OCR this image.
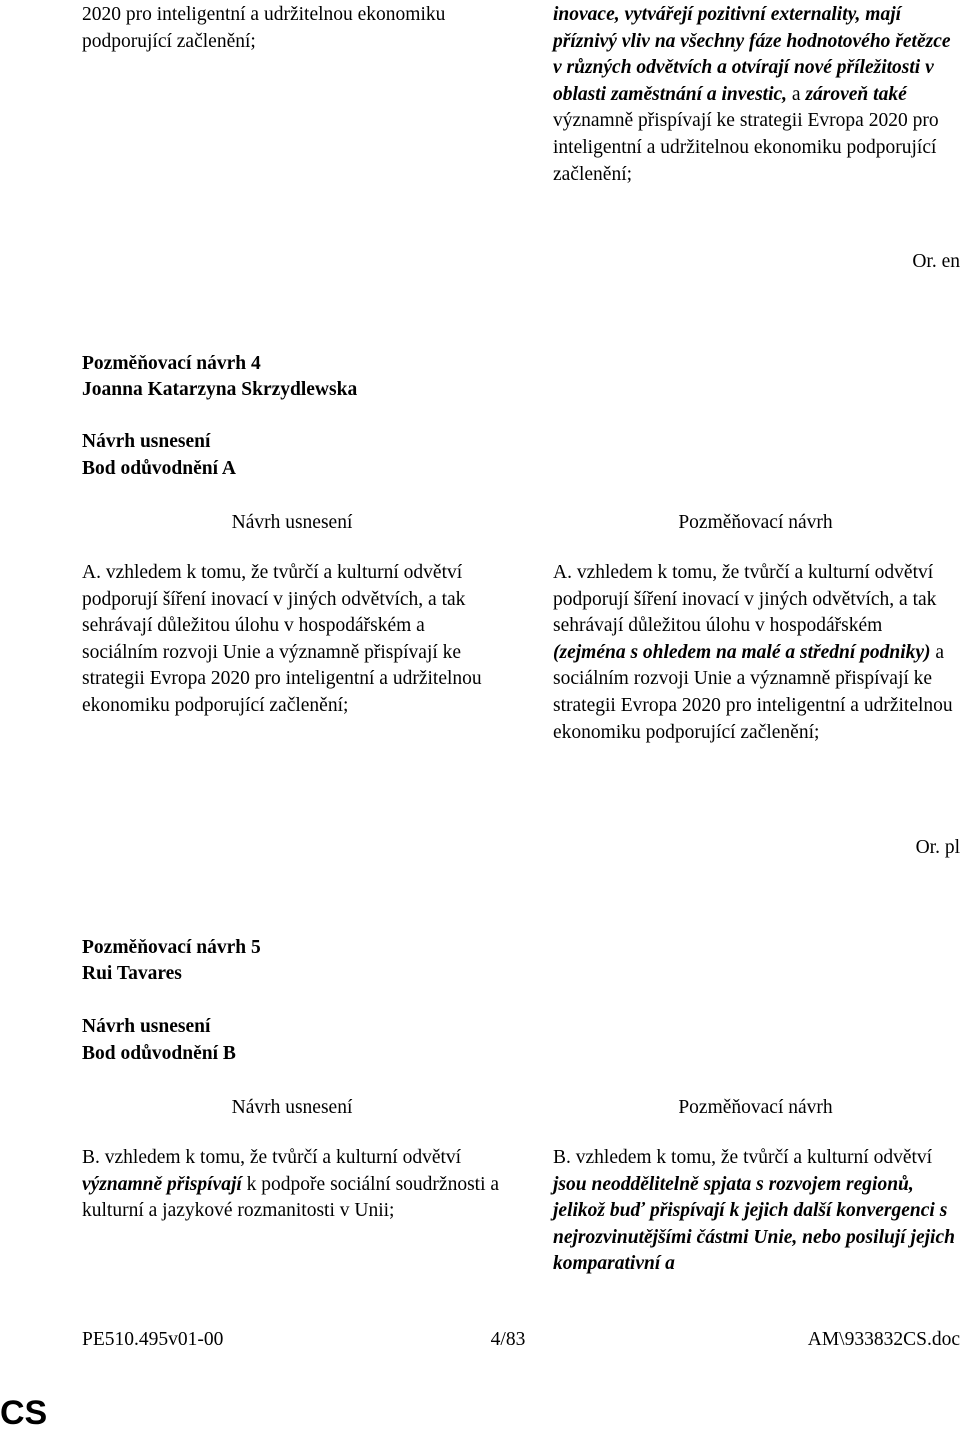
2020 pro inteligentní a udržitelnou ekonomiku podporující začlenění;

inovace, vytvářejí pozitivní externality, mají příznivý vliv na všechny fáze hodnotového řetězce v různých odvětvích a otvírají nové příležitosti v oblasti zaměstnání a investic, a zároveň také významně přispívají ke strategii Evropa 2020 pro inteligentní a udržitelnou ekonomiku podporující začlenění;

Or. en

Pozměňovací návrh 4

Joanna Katarzyna Skrzydlewska

Návrh usnesení

Bod odůvodnění A

Návrh usnesení	Pozměňovací návrh

A. vzhledem k tomu, že tvůrčí a kulturní odvětví podporují šíření inovací v jiných odvětvích, a tak sehrávají důležitou úlohu v hospodářském a sociálním rozvoji Unie a významně přispívají ke strategii Evropa 2020 pro inteligentní a udržitelnou ekonomiku podporující začlenění;

A. vzhledem k tomu, že tvůrčí a kulturní odvětví podporují šíření inovací v jiných odvětvích, a tak sehrávají důležitou úlohu v hospodářském (zejména s ohledem na malé a střední podniky) a sociálním rozvoji Unie a významně přispívají ke strategii Evropa 2020 pro inteligentní a udržitelnou ekonomiku podporující začlenění;

Or. pl

Pozměňovací návrh 5

Rui Tavares

Návrh usnesení

Bod odůvodnění B

Návrh usnesení	Pozměňovací návrh

B. vzhledem k tomu, že tvůrčí a kulturní odvětví významně přispívají k podpoře sociální soudržnosti a kulturní a jazykové rozmanitosti v Unii;

B. vzhledem k tomu, že tvůrčí a kulturní odvětví jsou neoddělitelně spjata s rozvojem regionů, jelikož buď přispívají k jejich další konvergenci s nejrozvinutějšími částmi Unie, nebo posilují jejich komparativní a

PE510.495v01-00	4/83	AM\933832CS.doc
CS
